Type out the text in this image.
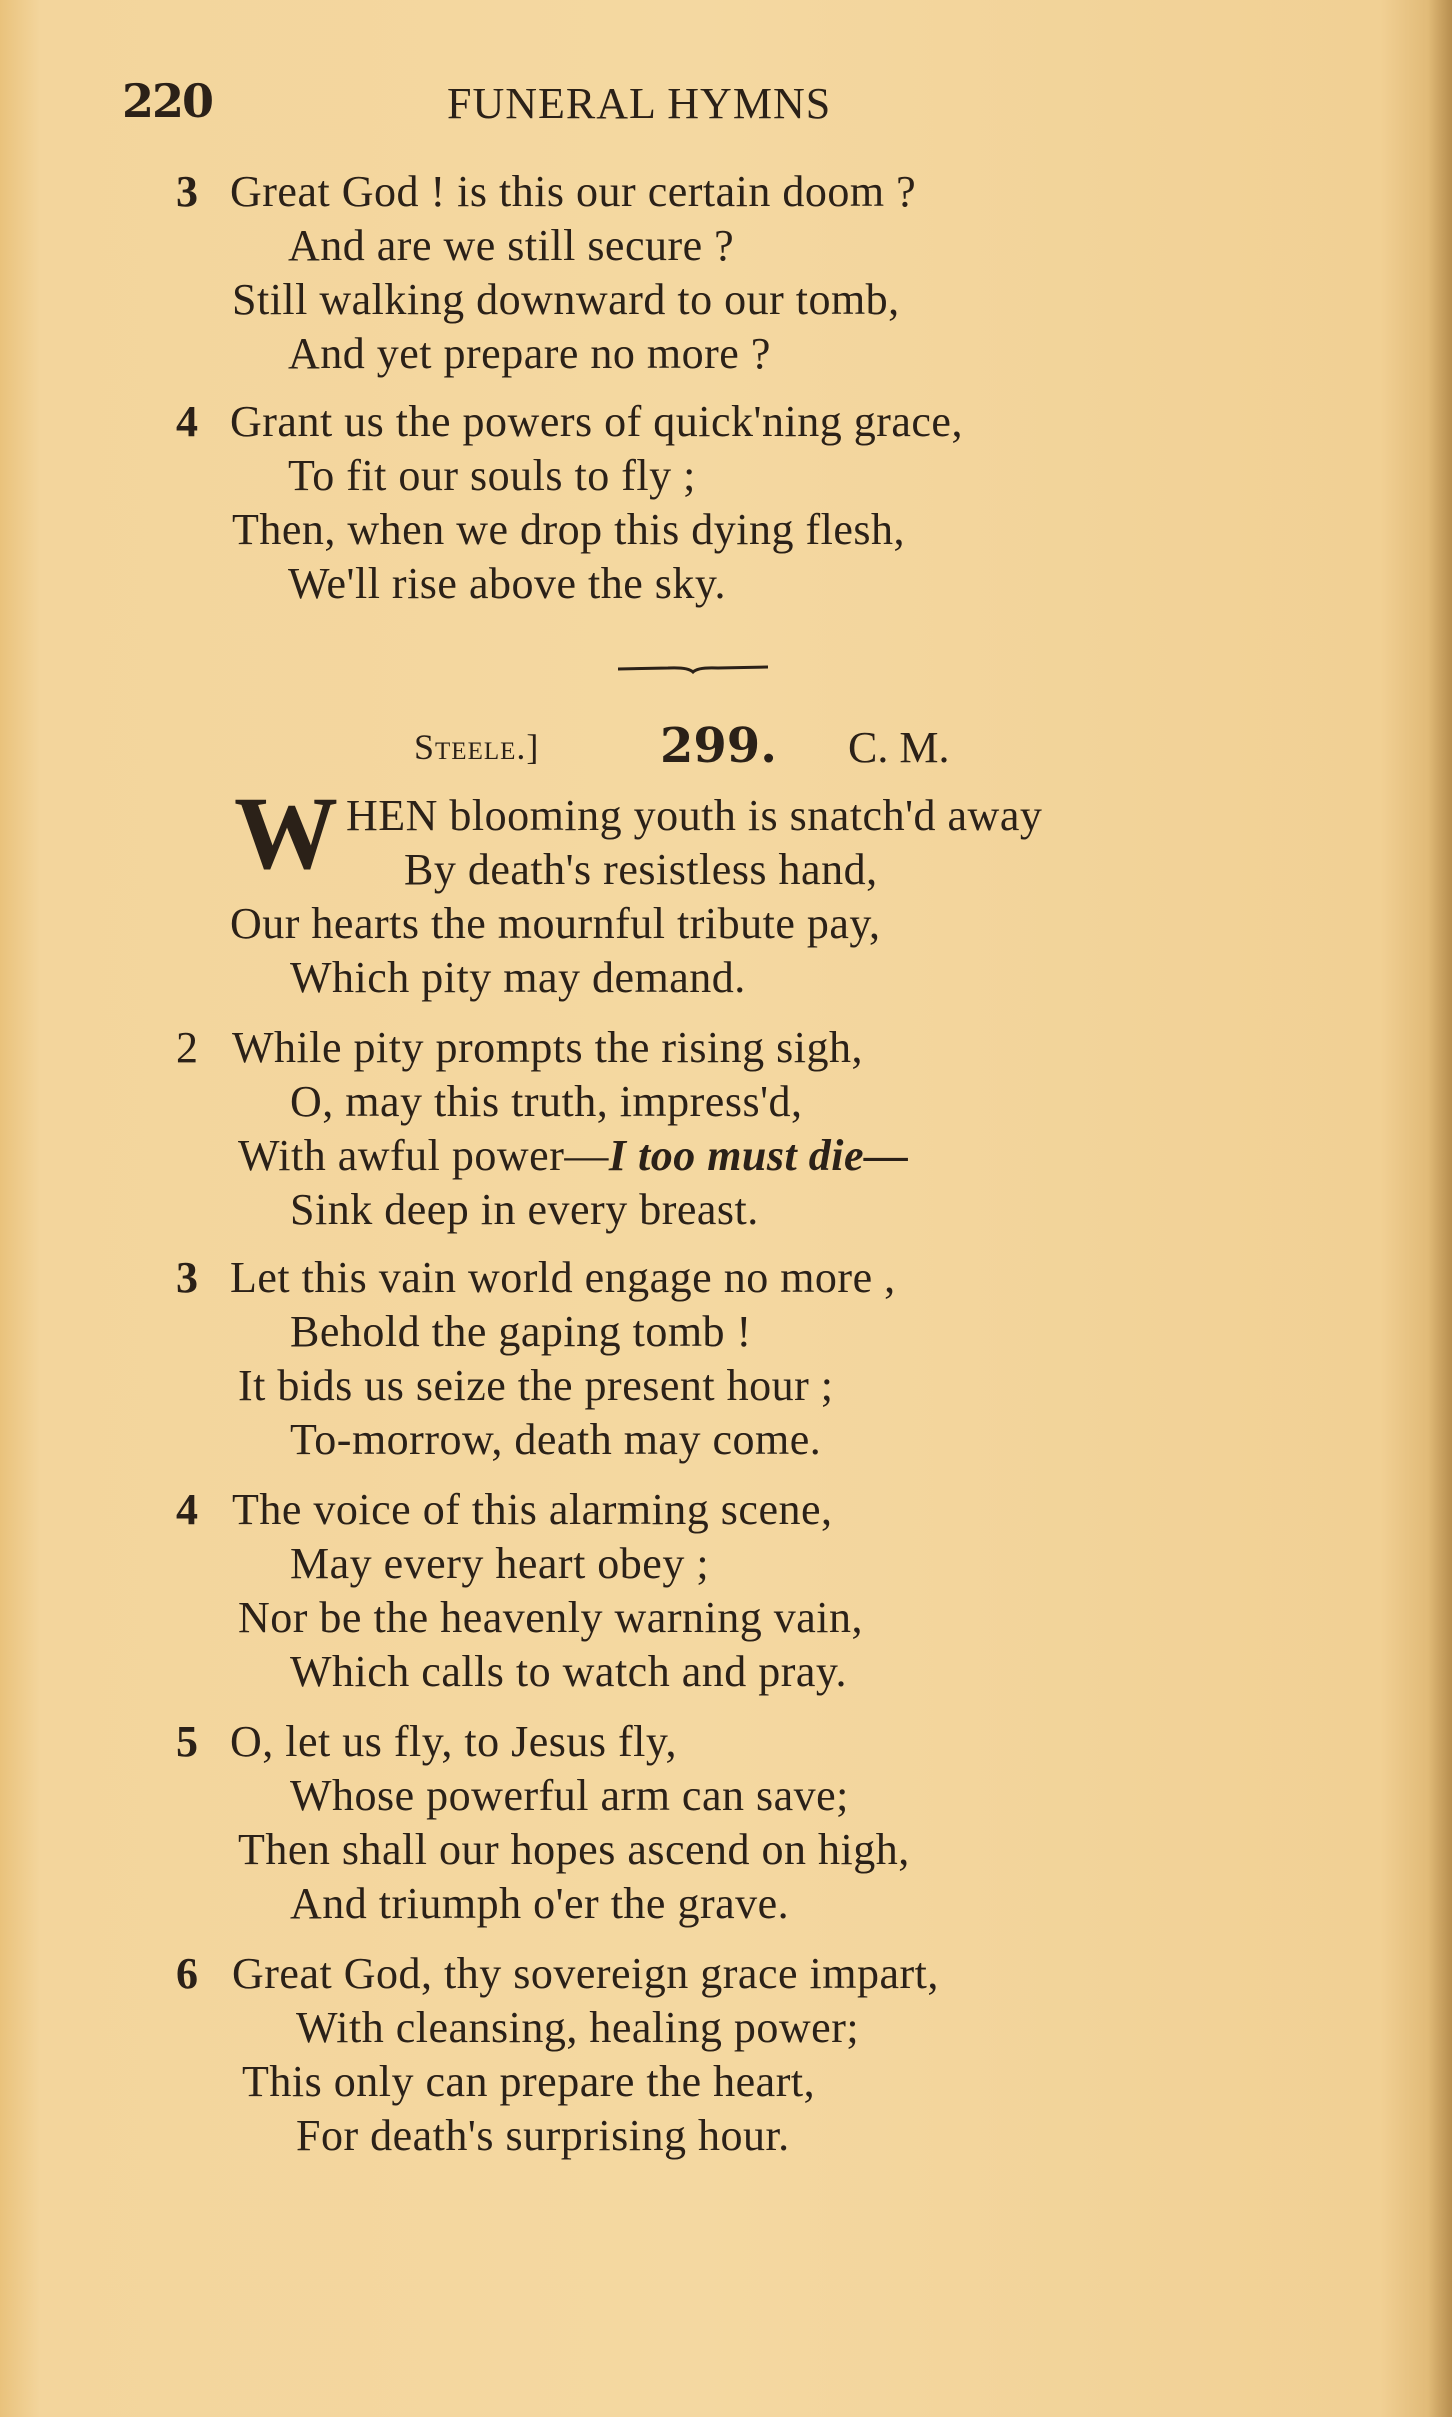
220	FUNERAL HYMNS
3 Great God ! is this our certain doom ?
And are we still secure ?
Still walking downward to our tomb,
And yet prepare no more ?
4 Grant us the powers of quick'ning grace,
To fit our souls to fly ;
Then, when we drop this dying flesh,
We'll rise above the sky.
Steele.]	299. C. M.
W HEN blooming youth is snatch'd away
By death's resistless hand,
Our hearts the mournful tribute pay,
Which pity may demand.
2 While pity prompts the rising sigh,
O, may this truth, impress'd,
With awful power—I too must die—
Sink deep in every breast.
3 Let this vain world engage no more ,
Behold the gaping tomb !
It bids us seize the present hour ;
To-morrow, death may come.
4 The voice of this alarming scene,
May every heart obey ;
Nor be the heavenly warning vain,
Which calls to watch and pray.
5 O, let us fly, to Jesus fly,
Whose powerful arm can save;
Then shall our hopes ascend on high,
And triumph o'er the grave.
6 Great God, thy sovereign grace impart,
With cleansing, healing power;
This only can prepare the heart,
For death's surprising hour.
